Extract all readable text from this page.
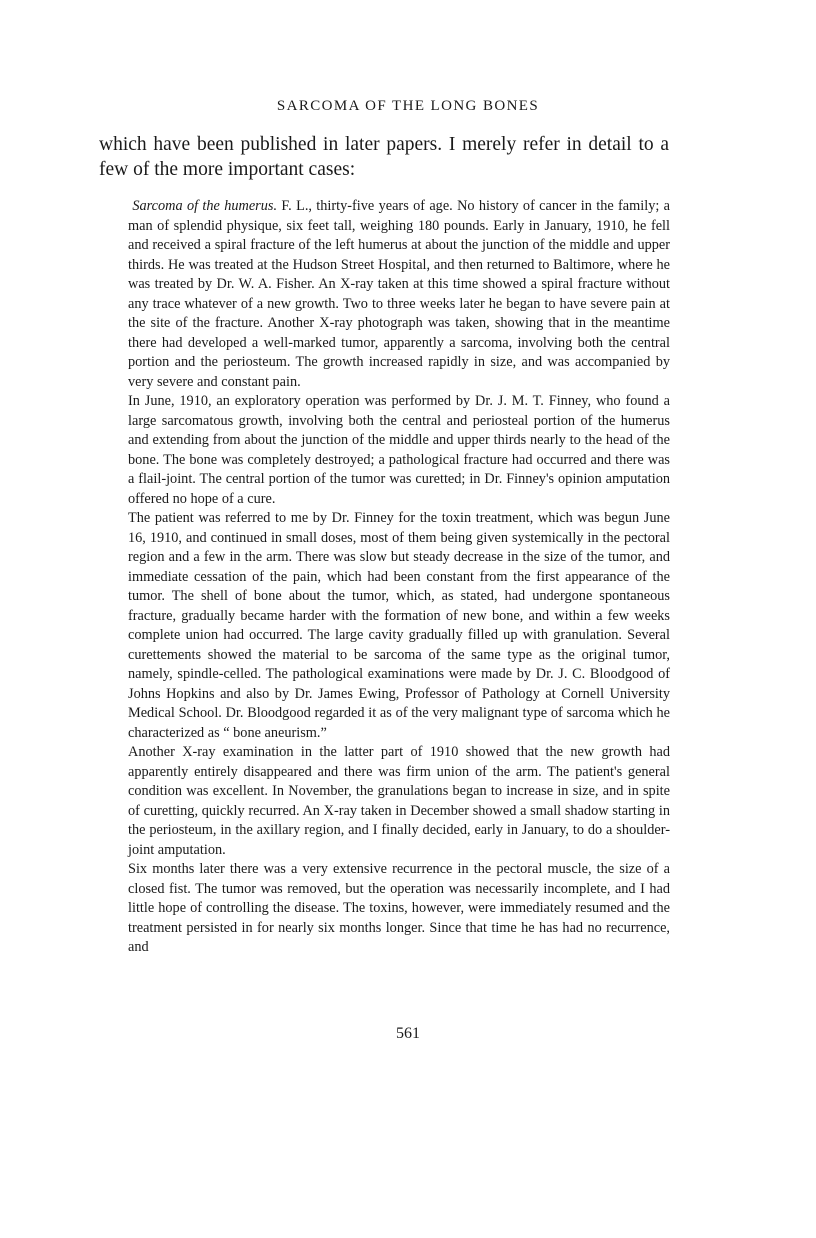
SARCOMA OF THE LONG BONES

which have been published in later papers. I merely refer in detail to a few of the more important cases:

Sarcoma of the humerus. F. L., thirty-five years of age. No history of cancer in the family; a man of splendid physique, six feet tall, weighing 180 pounds. Early in January, 1910, he fell and received a spiral fracture of the left humerus at about the junction of the middle and upper thirds. He was treated at the Hudson Street Hospital, and then returned to Baltimore, where he was treated by Dr. W. A. Fisher. An X-ray taken at this time showed a spiral fracture without any trace whatever of a new growth. Two to three weeks later he began to have severe pain at the site of the fracture. Another X-ray photograph was taken, showing that in the meantime there had developed a well-marked tumor, apparently a sarcoma, involving both the central portion and the periosteum. The growth increased rapidly in size, and was accompanied by very severe and constant pain.

In June, 1910, an exploratory operation was performed by Dr. J. M. T. Finney, who found a large sarcomatous growth, involving both the central and periosteal portion of the humerus and extending from about the junction of the middle and upper thirds nearly to the head of the bone. The bone was completely destroyed; a pathological fracture had occurred and there was a flail-joint. The central portion of the tumor was curetted; in Dr. Finney's opinion amputation offered no hope of a cure.

The patient was referred to me by Dr. Finney for the toxin treatment, which was begun June 16, 1910, and continued in small doses, most of them being given systemically in the pectoral region and a few in the arm. There was slow but steady decrease in the size of the tumor, and immediate cessation of the pain, which had been constant from the first appearance of the tumor. The shell of bone about the tumor, which, as stated, had undergone spontaneous fracture, gradually became harder with the formation of new bone, and within a few weeks complete union had occurred. The large cavity gradually filled up with granulation. Several curettements showed the material to be sarcoma of the same type as the original tumor, namely, spindle-celled. The pathological examinations were made by Dr. J. C. Bloodgood of Johns Hopkins and also by Dr. James Ewing, Professor of Pathology at Cornell University Medical School. Dr. Bloodgood regarded it as of the very malignant type of sarcoma which he characterized as “ bone aneurism.”

Another X-ray examination in the latter part of 1910 showed that the new growth had apparently entirely disappeared and there was firm union of the arm. The patient's general condition was excellent. In November, the granulations began to increase in size, and in spite of curetting, quickly recurred. An X-ray taken in December showed a small shadow starting in the periosteum, in the axillary region, and I finally decided, early in January, to do a shoulder-joint amputation.

Six months later there was a very extensive recurrence in the pectoral muscle, the size of a closed fist. The tumor was removed, but the operation was necessarily incomplete, and I had little hope of controlling the disease. The toxins, however, were immediately resumed and the treatment persisted in for nearly six months longer. Since that time he has had no recurrence, and

561
